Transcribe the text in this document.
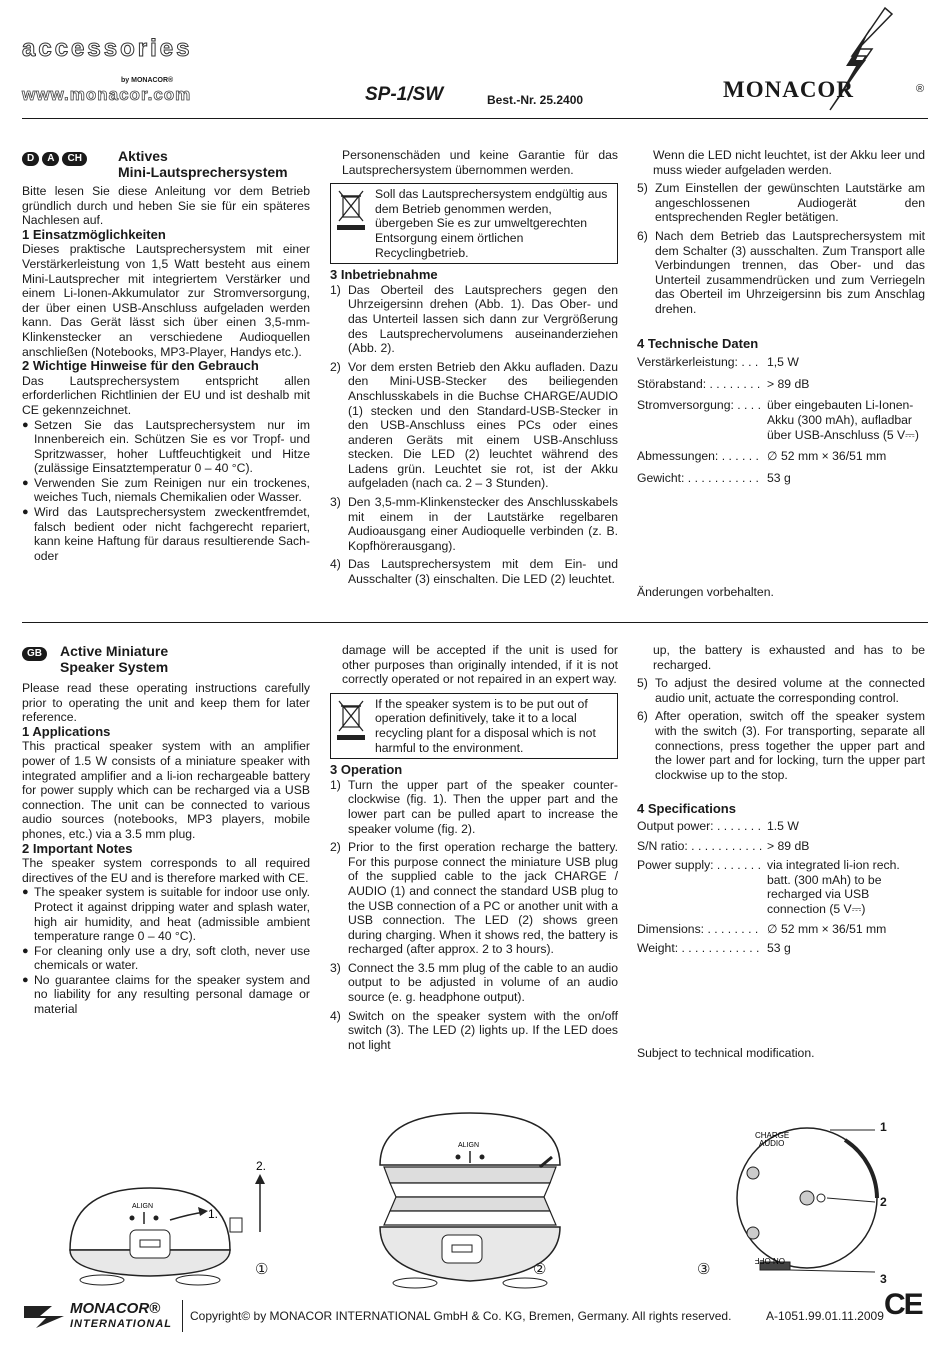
accessories
by MONACOR®
www.monacor.com	SP-1/SW	Best.-Nr. 25.2400	MONACOR	®
D A CH	Aktives
Mini-Lautsprechersystem

Bitte lesen Sie diese Anleitung vor dem Betrieb gründlich durch und heben Sie sie für ein späteres Nachlesen auf.

1 Einsatzmöglichkeiten

Dieses praktische Lautsprechersystem mit einer Verstärkerleistung von 1,5 Watt besteht aus einem Mini-Lautsprecher mit integriertem Verstärker und einem Li-Ionen-Akkumulator zur Stromversorgung, der über einen USB-Anschluss aufgeladen werden kann. Das Gerät lässt sich über einen 3,5-mm-Klinkenstecker an verschiedene Audioquellen anschließen (Notebooks, MP3-Player, Handys etc.).

2 Wichtige Hinweise für den Gebrauch

Das Lautsprechersystem entspricht allen erforderlichen Richtlinien der EU und ist deshalb mit CE gekennzeichnet.

● Setzen Sie das Lautsprechersystem nur im Innenbereich ein. Schützen Sie es vor Tropf- und Spritzwasser, hoher Luftfeuchtigkeit und Hitze (zulässige Einsatztemperatur 0 – 40 °C).
● Verwenden Sie zum Reinigen nur ein trockenes, weiches Tuch, niemals Chemikalien oder Wasser.
● Wird das Lautsprechersystem zweckentfremdet, falsch bedient oder nicht fachgerecht repariert, kann keine Haftung für daraus resultierende Sach- oder

Personenschäden und keine Garantie für das Lautsprechersystem übernommen werden.

Soll das Lautsprechersystem endgültig aus dem Betrieb genommen werden, übergeben Sie es zur umweltgerechten Entsorgung einem örtlichen Recyclingbetrieb.

3 Inbetriebnahme

1) Das Oberteil des Lautsprechers gegen den Uhrzeigersinn drehen (Abb. 1). Das Ober- und das Unterteil lassen sich dann zur Vergrößerung des Lautsprechervolumens auseinanderziehen (Abb. 2).
2) Vor dem ersten Betrieb den Akku aufladen. Dazu den Mini-USB-Stecker des beiliegenden Anschlusskabels in die Buchse CHARGE/AUDIO (1) stecken und den Standard-USB-Stecker in den USB-Anschluss eines PCs oder eines anderen Geräts mit einem USB-Anschluss stecken. Die LED (2) leuchtet während des Ladens grün. Leuchtet sie rot, ist der Akku aufgeladen (nach ca. 2 – 3 Stunden).
3) Den 3,5-mm-Klinkenstecker des Anschlusskabels mit einem in der Lautstärke regelbaren Audioausgang einer Audioquelle verbinden (z. B. Kopfhörerausgang).
4) Das Lautsprechersystem mit dem Ein- und Ausschalter (3) einschalten. Die LED (2) leuchtet.

Wenn die LED nicht leuchtet, ist der Akku leer und muss wieder aufgeladen werden.

5) Zum Einstellen der gewünschten Lautstärke am angeschlossenen Audiogerät den entsprechenden Regler betätigen.
6) Nach dem Betrieb das Lautsprechersystem mit dem Schalter (3) ausschalten. Zum Transport alle Verbindungen trennen, das Ober- und das Unterteil zusammendrücken und zum Verriegeln das Oberteil im Uhrzeigersinn bis zum Anschlag drehen.

4 Technische Daten

Verstärkerleistung: . . . 1,5 W
Störabstand: . . . . . . . . > 89 dB
Stromversorgung: . . . . über eingebauten Li-Ionen-Akku (300 mAh), aufladbar über USB-Anschluss (5 V⎓)
Abmessungen: . . . . . . ∅ 52 mm × 36/51 mm
Gewicht: . . . . . . . . . . . 53 g
Änderungen vorbehalten.
GB	Active Miniature
Speaker System

Please read these operating instructions carefully prior to operating the unit and keep them for later reference.

1 Applications

This practical speaker system with an amplifier power of 1.5 W consists of a miniature speaker with integrated amplifier and a li-ion rechargeable battery for power supply which can be recharged via a USB connection. The unit can be connected to various audio sources (notebooks, MP3 players, mobile phones, etc.) via a 3.5 mm plug.

2 Important Notes

The speaker system corresponds to all required directives of the EU and is therefore marked with CE.

● The speaker system is suitable for indoor use only. Protect it against dripping water and splash water, high air humidity, and heat (admissible ambient temperature range 0 – 40 °C).
● For cleaning only use a dry, soft cloth, never use chemicals or water.
● No guarantee claims for the speaker system and no liability for any resulting personal damage or material

damage will be accepted if the unit is used for other purposes than originally intended, if it is not correctly operated or not repaired in an expert way.

If the speaker system is to be put out of operation definitively, take it to a local recycling plant for a disposal which is not harmful to the environment.

3 Operation

1) Turn the upper part of the speaker counter-clockwise (fig. 1). Then the upper part and the lower part can be pulled apart to increase the speaker volume (fig. 2).
2) Prior to the first operation recharge the battery. For this purpose connect the miniature USB plug of the supplied cable to the jack CHARGE / AUDIO (1) and connect the standard USB plug to the USB connection of a PC or another unit with a USB connection. The LED (2) shows green during charging. When it shows red, the battery is recharged (after approx. 2 to 3 hours).
3) Connect the 3.5 mm plug of the cable to an audio output to be adjusted in volume of an audio source (e. g. headphone output).
4) Switch on the speaker system with the on/off switch (3). The LED (2) lights up. If the LED does not light

up, the battery is exhausted and has to be recharged.

5) To adjust the desired volume at the connected audio unit, actuate the corresponding control.
6) After operation, switch off the speaker system with the switch (3). For transporting, separate all connections, press together the upper part and the lower part and for locking, turn the upper part clockwise up to the stop.

4 Specifications

Output power: . . . . . . . 1.5 W
S/N ratio: . . . . . . . . . . . > 89 dB
Power supply: . . . . . . . via integrated li-ion rech. batt. (300 mAh) to be recharged via USB connection (5 V⎓)
Dimensions: . . . . . . . . ∅ 52 mm × 36/51 mm
Weight: . . . . . . . . . . . . 53 g
Subject to technical modification.
ALIGN
1.
2.
①
ALIGN
②
CHARGE
AUDIO
ON OFF
1
2
3
③
MONACOR®
INTERNATIONAL
Copyright© by MONACOR INTERNATIONAL GmbH & Co. KG, Bremen, Germany. All rights reserved.	A-1051.99.01.11.2009 CE
